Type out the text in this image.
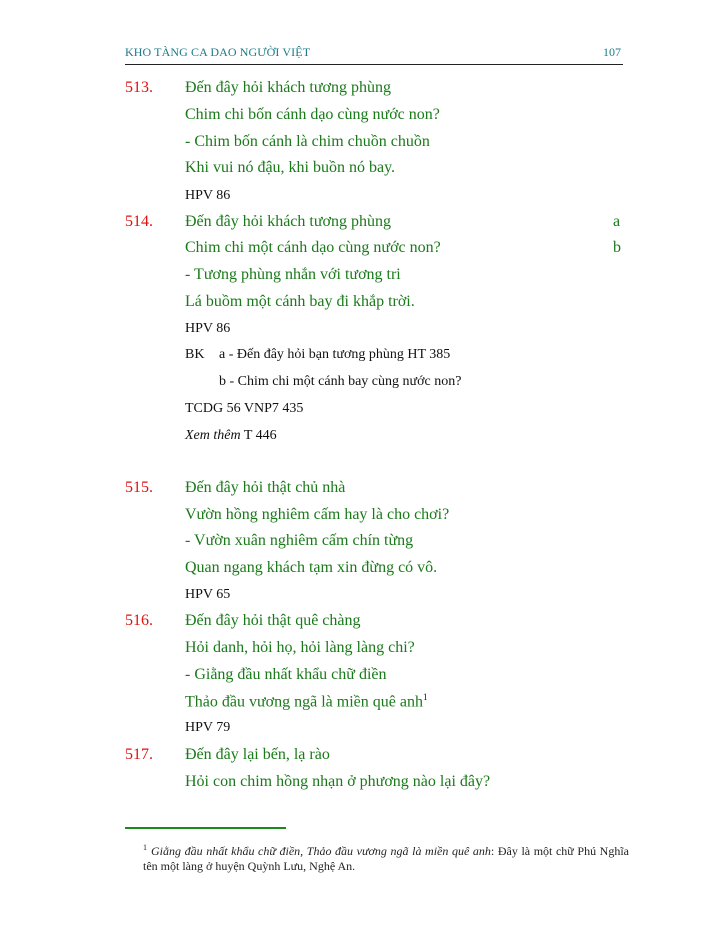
KHO TÀNG CA DAO NGƯỜI VIỆT	107
513. Đến đây hỏi khách tương phùng
Chim chi bốn cánh dạo cùng nước non?
- Chim bốn cánh là chim chuồn chuồn
Khi vui nó đậu, khi buồn nó bay.
HPV 86
514. Đến đây hỏi khách tương phùng	a
Chim chi một cánh dạo cùng nước non?	b
- Tương phùng nhắn với tương tri
Lá buồm một cánh bay đi khắp trời.
HPV 86
BK a - Đến đây hỏi bạn tương phùng HT 385
b - Chim chi một cánh bay cùng nước non?
TCDG 56 VNP7 435
Xem thêm T 446
515. Đến đây hỏi thật chủ nhà
Vườn hồng nghiêm cấm hay là cho chơi?
- Vườn xuân nghiêm cấm chín từng
Quan ngang khách tạm xin đừng có vô.
HPV 65
516. Đến đây hỏi thật quê chàng
Hỏi danh, hỏi họ, hỏi làng làng chi?
- Giằng đầu nhất khẩu chữ điền
Thảo đầu vương ngã là miền quê anh$^1$
HPV 79
517. Đến đây lại bến, lạ rào
Hỏi con chim hồng nhạn ở phương nào lại đây?
$^1$ Giằng đầu nhất khẩu chữ điền, Thảo đầu vương ngã là miền quê anh: Đây là một chữ Phú Nghĩa tên một làng ở huyện Quỳnh Lưu, Nghệ An.
